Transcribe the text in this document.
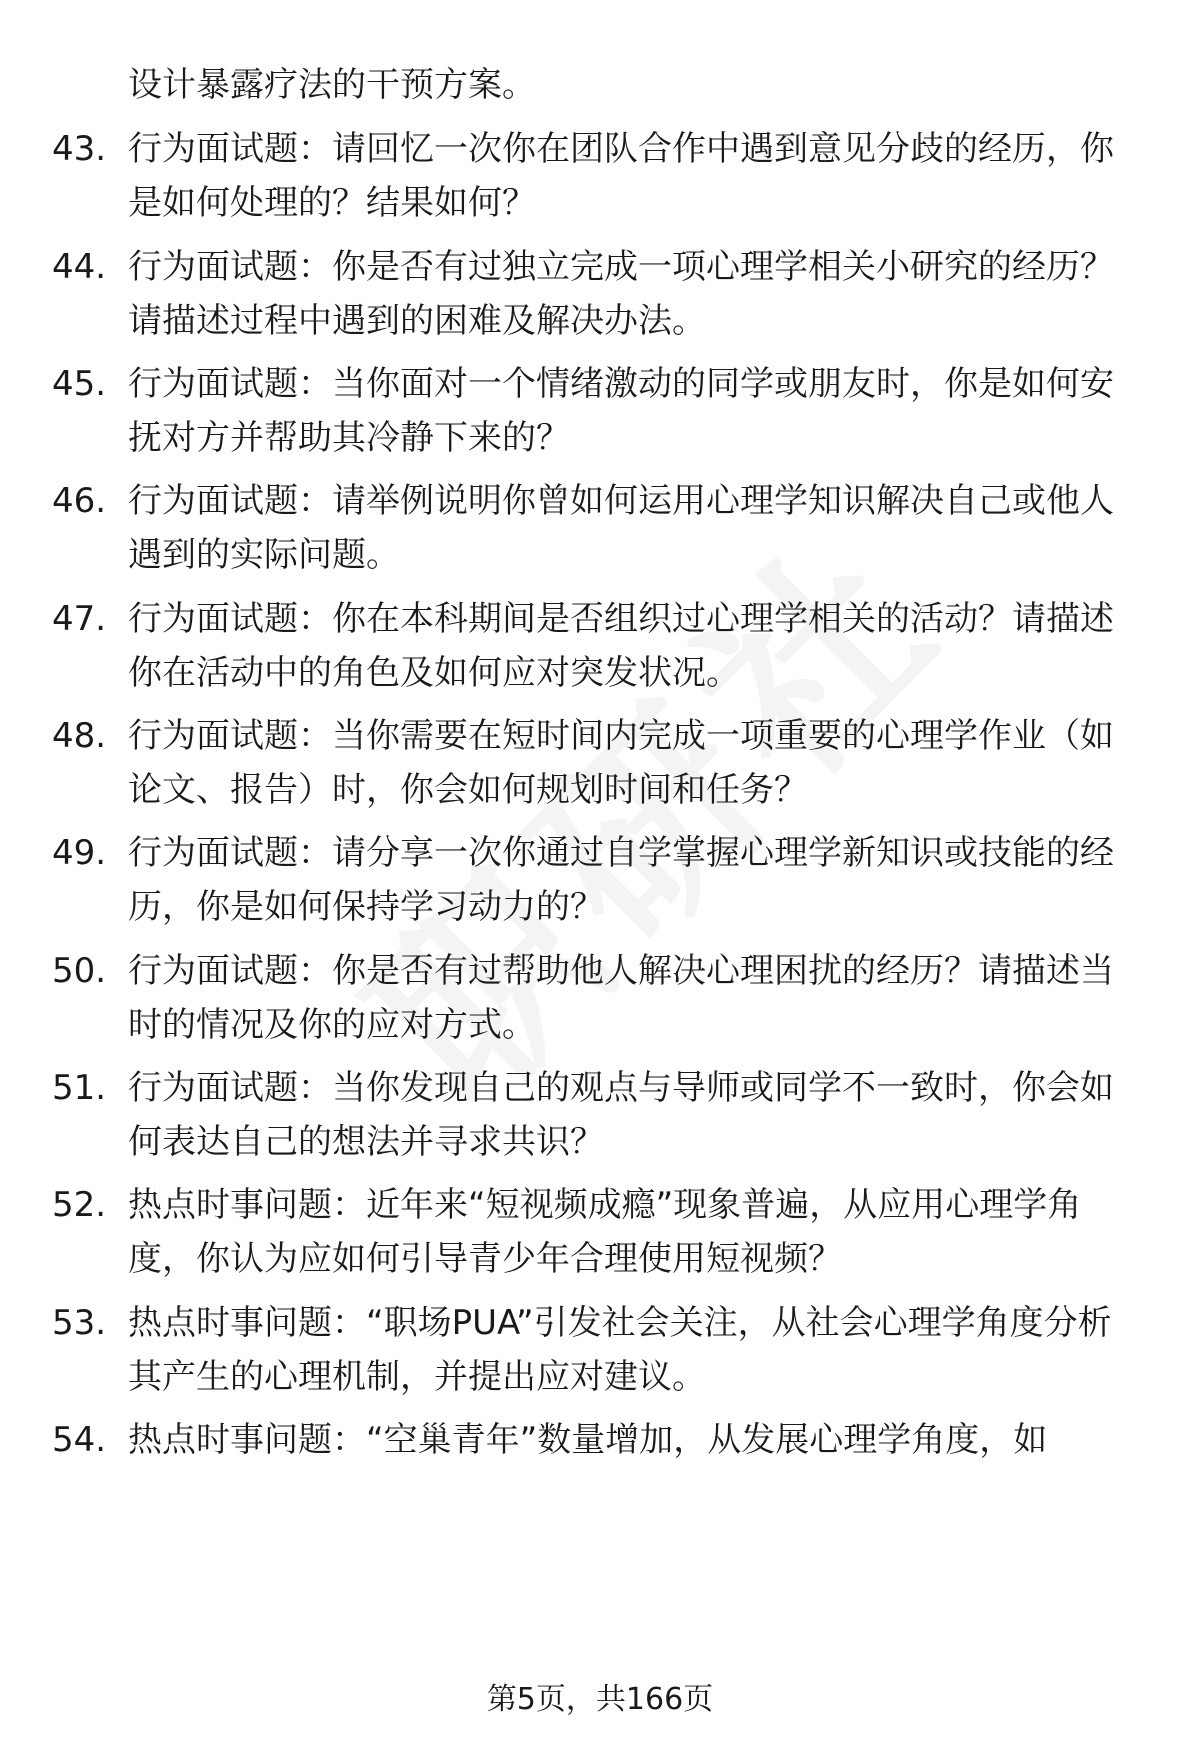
设计暴露疗法的干预方案。

43. 行为面试题：请回忆一次你在团队合作中遇到意见分歧的经历，你是如何处理的？结果如何？

44. 行为面试题：你是否有过独立完成一项心理学相关小研究的经历？请描述过程中遇到的困难及解决办法。

45. 行为面试题：当你面对一个情绪激动的同学或朋友时，你是如何安抚对方并帮助其冷静下来的？

46. 行为面试题：请举例说明你曾如何运用心理学知识解决自己或他人遇到的实际问题。

47. 行为面试题：你在本科期间是否组织过心理学相关的活动？请描述你在活动中的角色及如何应对突发状况。

48. 行为面试题：当你需要在短时间内完成一项重要的心理学作业（如论文、报告）时，你会如何规划时间和任务？

49. 行为面试题：请分享一次你通过自学掌握心理学新知识或技能的经历，你是如何保持学习动力的？

50. 行为面试题：你是否有过帮助他人解决心理困扰的经历？请描述当时的情况及你的应对方式。

51. 行为面试题：当你发现自己的观点与导师或同学不一致时，你会如何表达自己的想法并寻求共识？

52. 热点时事问题：近年来“短视频成瘾”现象普遍，从应用心理学角度，你认为应如何引导青少年合理使用短视频？

53. 热点时事问题：“职场PUA”引发社会关注，从社会心理学角度分析其产生的心理机制，并提出应对建议。

54. 热点时事问题：“空巢青年”数量增加，从发展心理学角度，如

第5页，共166页
